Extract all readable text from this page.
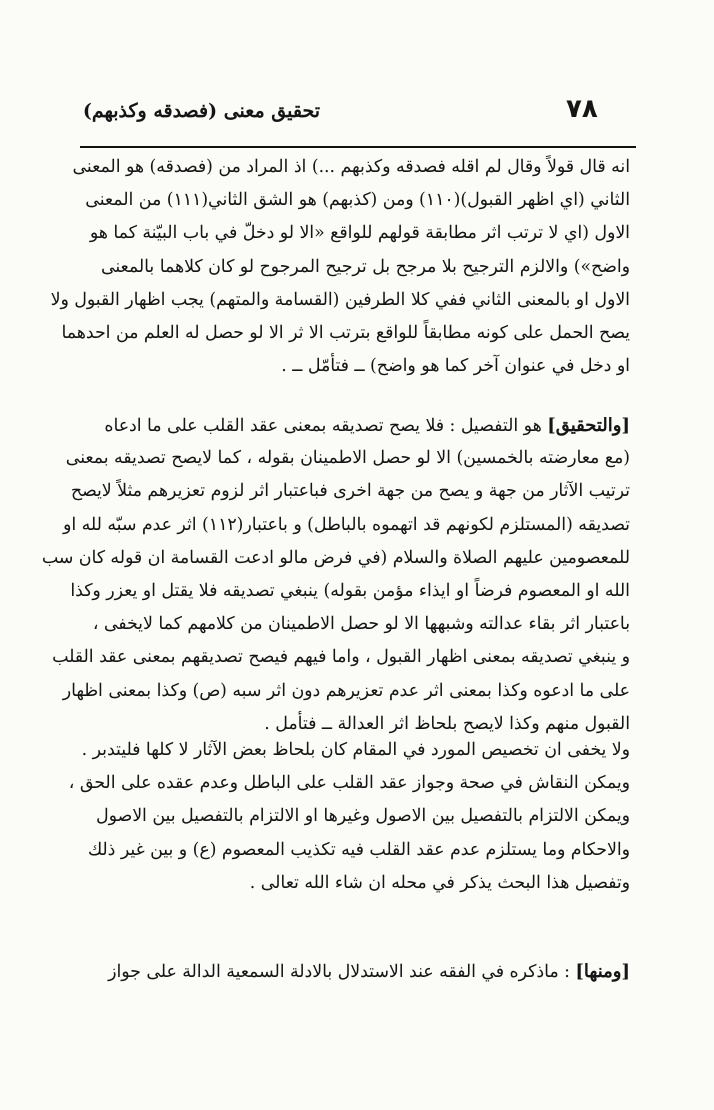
٧٨
تحقيق معنى (فصدقه وكذبهم)
انه قال قولاً وقال لم اقله فصدقه وكذبهم ...) اذ المراد من (فصدقه) هو المعنى
الثاني (اي اظهر القبول)(١١٠) ومن (كذبهم) هو الشق الثاني(١١١) من المعنى
الاول (اي لا ترتب اثر مطابقة قولهم للواقع «الا لو دخلّ في باب البيّنة كما هو
واضح») والالزم الترجيح بلا مرجح بل ترجيح المرجوح لو كان كلاهما بالمعنى
الاول او بالمعنى الثاني ففي كلا الطرفين (القسامة والمتهم) يجب اظهار القبول ولا
يصح الحمل على كونه مطابقاً للواقع بترتب الا ثر الا لو حصل له العلم من احدهما
او دخل في عنوان آخر كما هو واضح) ــ فتأمّل ــ .
[والتحقيق] هو التفصيل : فلا يصح تصديقه بمعنى عقد القلب على ما ادعاه
(مع معارضته بالخمسين) الا لو حصل الاطمينان بقوله ، كما لايصح تصديقه بمعنى
ترتيب الآثار من جهة و يصح من جهة اخرى فباعتبار اثر لزوم تعزيرهم مثلاً لايصح
تصديقه (المستلزم لكونهم قد اتهموه بالباطل) و باعتبار(١١٢) اثر عدم سبّه لله او
للمعصومين عليهم الصلاة والسلام (في فرض مالو ادعت القسامة ان قوله كان سب
الله او المعصوم فرضاً او ايذاء مؤمن بقوله) ينبغي تصديقه فلا يقتل او يعزر وكذا
باعتبار اثر بقاء عدالته وشبهها الا لو حصل الاطمينان من كلامهم كما لايخفى ،
و ينبغي تصديقه بمعنى اظهار القبول ، واما فيهم فيصح تصديقهم بمعنى عقد القلب
على ما ادعوه وكذا بمعنى اثر عدم تعزيرهم دون اثر سبه (ص) وكذا بمعنى اظهار
القبول منهم وكذا لايصح بلحاظ اثر العدالة ــ فتأمل .
ولا يخفى ان تخصيص المورد في المقام كان بلحاظ بعض الآثار لا كلها فليتدبر .
ويمكن النقاش في صحة وجواز عقد القلب على الباطل وعدم عقده على الحق ،
ويمكن الالتزام بالتفصيل بين الاصول وغيرها او الالتزام بالتفصيل بين الاصول
والاحكام وما يستلزم عدم عقد القلب فيه تكذيب المعصوم (ع) و بين غير ذلك
وتفصيل هذا البحث يذكر في محله ان شاء الله تعالى .
[ومنها] : ماذكره في الفقه عند الاستدلال بالادلة السمعية الدالة على جواز
